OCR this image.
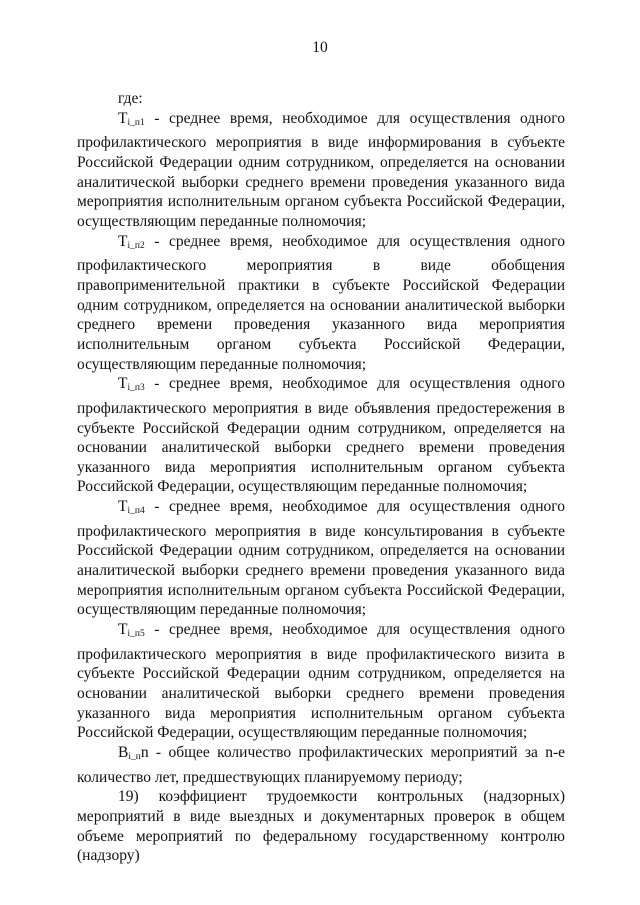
10

где:

$T_{i\_п1}$ - среднее время, необходимое для осуществления одного профилактического мероприятия в виде информирования в субъекте Российской Федерации одним сотрудником, определяется на основании аналитической выборки среднего времени проведения указанного вида мероприятия исполнительным органом субъекта Российской Федерации, осуществляющим переданные полномочия;

$T_{i\_п2}$ - среднее время, необходимое для осуществления одного профилактического мероприятия в виде обобщения правоприменительной практики в субъекте Российской Федерации одним сотрудником, определяется на основании аналитической выборки среднего времени проведения указанного вида мероприятия исполнительным органом субъекта Российской Федерации, осуществляющим переданные полномочия;

$T_{i\_п3}$ - среднее время, необходимое для осуществления одного профилактического мероприятия в виде объявления предостережения в субъекте Российской Федерации одним сотрудником, определяется на основании аналитической выборки среднего времени проведения указанного вида мероприятия исполнительным органом субъекта Российской Федерации, осуществляющим переданные полномочия;

$T_{i\_п4}$ - среднее время, необходимое для осуществления одного профилактического мероприятия в виде консультирования в субъекте Российской Федерации одним сотрудником, определяется на основании аналитической выборки среднего времени проведения указанного вида мероприятия исполнительным органом субъекта Российской Федерации, осуществляющим переданные полномочия;

$T_{i\_п5}$ - среднее время, необходимое для осуществления одного профилактического мероприятия в виде профилактического визита в субъекте Российской Федерации одним сотрудником, определяется на основании аналитической выборки среднего времени проведения указанного вида мероприятия исполнительным органом субъекта Российской Федерации, осуществляющим переданные полномочия;

$B_{i\_п}n$ - общее количество профилактических мероприятий за n-е количество лет, предшествующих планируемому периоду;

19) коэффициент трудоемкости контрольных (надзорных) мероприятий в виде выездных и документарных проверок в общем объеме мероприятий по федеральному государственному контролю (надзору)
